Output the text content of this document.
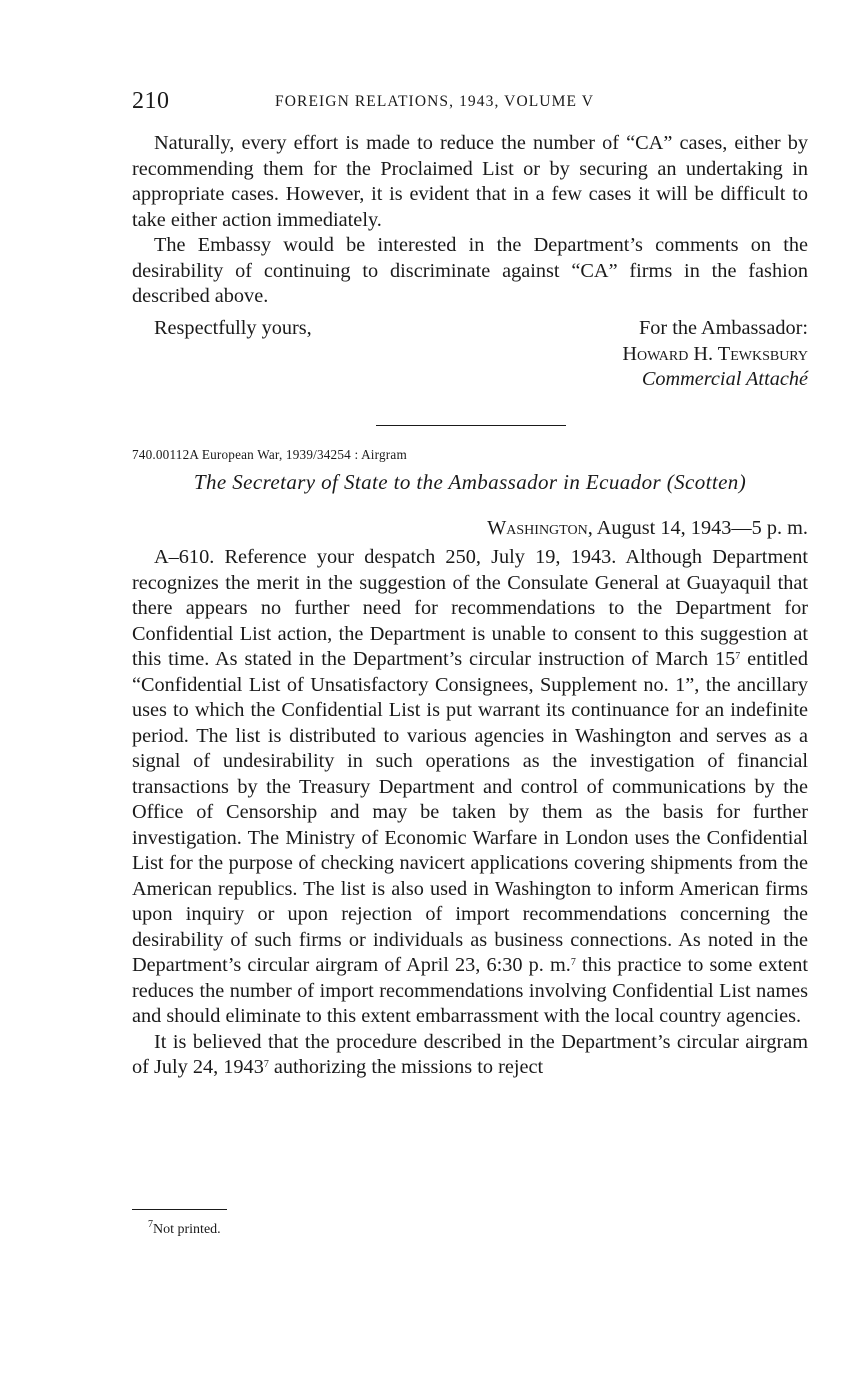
210	FOREIGN RELATIONS, 1943, VOLUME V

Naturally, every effort is made to reduce the number of “CA” cases, either by recommending them for the Proclaimed List or by securing an undertaking in appropriate cases. However, it is evident that in a few cases it will be difficult to take either action immediately.

The Embassy would be interested in the Department’s comments on the desirability of continuing to discriminate against “CA” firms in the fashion described above.

Respectfully yours,	For the Ambassador:
Howard H. Tewksbury
Commercial Attaché
740.00112A European War, 1939/34254 : Airgram
The Secretary of State to the Ambassador in Ecuador (Scotten)
Washington, August 14, 1943—5 p. m.

A–610. Reference your despatch 250, July 19, 1943. Although Department recognizes the merit in the suggestion of the Consulate General at Guayaquil that there appears no further need for recommendations to the Department for Confidential List action, the Department is unable to consent to this suggestion at this time. As stated in the Department’s circular instruction of March 15$^7$ entitled “Confidential List of Unsatisfactory Consignees, Supplement no. 1”, the ancillary uses to which the Confidential List is put warrant its continuance for an indefinite period. The list is distributed to various agencies in Washington and serves as a signal of undesirability in such operations as the investigation of financial transactions by the Treasury Department and control of communications by the Office of Censorship and may be taken by them as the basis for further investigation. The Ministry of Economic Warfare in London uses the Confidential List for the purpose of checking navicert applications covering shipments from the American republics. The list is also used in Washington to inform American firms upon inquiry or upon rejection of import recommendations concerning the desirability of such firms or individuals as business connections. As noted in the Department’s circular airgram of April 23, 6:30 p. m.$^7$ this practice to some extent reduces the number of import recommendations involving Confidential List names and should eliminate to this extent embarrassment with the local country agencies.

It is believed that the procedure described in the Department’s circular airgram of July 24, 1943$^7$ authorizing the missions to reject

$^7$Not printed.
